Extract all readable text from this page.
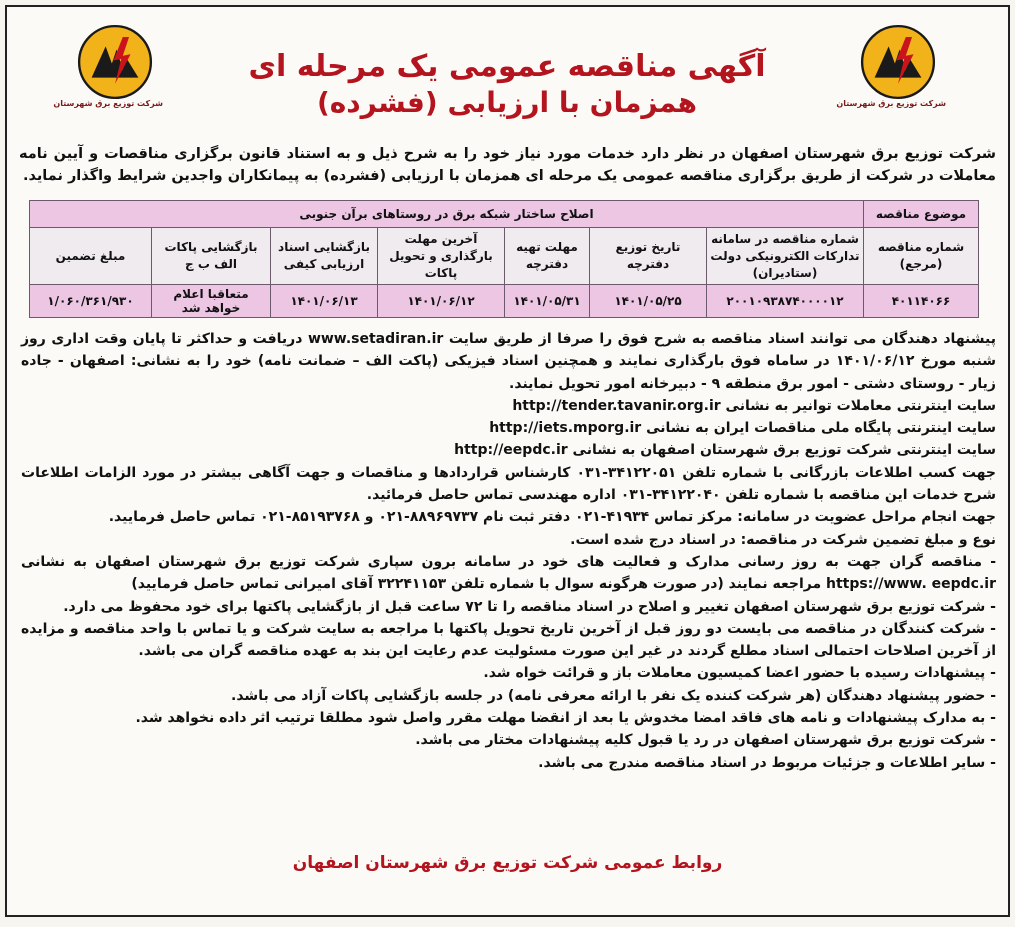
شرکت توزیع برق شهرستان	شرکت توزیع برق شهرستان
آگهی مناقصه عمومی یک مرحله ای
همزمان با ارزیابی (فشرده)
شرکت توزیع برق شهرستان اصفهان در نظر دارد خدمات مورد نیاز خود را به شرح ذیل و به استناد قانون برگزاری مناقصات و آیین نامه معاملات در شرکت از طریق برگزاری مناقصه عمومی یک مرحله ای همزمان با ارزیابی (فشرده) به پیمانکاران واجدین شرایط واگذار نماید.
موضوع مناقصه	اصلاح ساختار شبکه برق در روستاهای برآن جنوبی						
شماره مناقصه (مرجع)	شماره مناقصه در سامانه تدارکات الکترونیکی دولت (ستادیران)	تاریخ توزیع دفترچه	مهلت تهیه دفترچه	آخرین مهلت بارگذاری و تحویل پاکات	بازگشایی اسناد ارزیابی کیفی	بازگشایی پاکات الف ب ج	مبلغ تضمین
۴۰۱۱۴۰۶۶	۲۰۰۱۰۹۳۸۷۴۰۰۰۰۱۲	۱۴۰۱/۰۵/۲۵	۱۴۰۱/۰۵/۳۱	۱۴۰۱/۰۶/۱۲	۱۴۰۱/۰۶/۱۳	متعاقبا اعلام خواهد شد	۱/۰۶۰/۳۶۱/۹۳۰

پیشنهاد دهندگان می توانند اسناد مناقصه به شرح فوق را صرفا از طریق سایت www.setadiran.ir دریافت و حداکثر تا پایان وقت اداری روز شنبه مورخ ۱۴۰۱/۰۶/۱۲ در ساماه فوق بارگذاری نمایند و همچنین اسناد فیزیکی (پاکت الف – ضمانت نامه) خود را به نشانی: اصفهان - جاده زیار - روستای دشتی - امور برق منطقه ۹ - دبیرخانه امور تحویل نمایند.

سایت اینترنتی معاملات توانیر به نشانی http://tender.tavanir.org.ir

سایت اینترنتی پایگاه ملی مناقصات ایران به نشانی http://iets.mporg.ir

سایت اینترنتی شرکت توزیع برق شهرستان اصفهان به نشانی http://eepdc.ir

جهت کسب اطلاعات بازرگانی با شماره تلفن ۳۴۱۲۲۰۵۱-۰۳۱ کارشناس قراردادها و مناقصات و جهت آگاهی بیشتر در مورد الزامات اطلاعات شرح خدمات این مناقصه با شماره تلفن ۳۴۱۲۲۰۴۰-۰۳۱ اداره مهندسی تماس حاصل فرمائید.

جهت انجام مراحل عضویت در سامانه: مرکز تماس ۴۱۹۳۴-۰۲۱ دفتر ثبت نام ۸۸۹۶۹۷۳۷-۰۲۱ و ۸۵۱۹۳۷۶۸-۰۲۱ تماس حاصل فرمایید.

نوع و مبلغ تضمین شرکت در مناقصه: در اسناد درج شده است.

- مناقصه گران جهت به روز رسانی مدارک و فعالیت های خود در سامانه برون سپاری شرکت توزیع برق شهرستان اصفهان به نشانی https://www. eepdc.ir مراجعه نمایند (در صورت هرگونه سوال با شماره تلفن ۳۲۲۴۱۱۵۳ آقای امیرانی تماس حاصل فرمایید)

- شرکت توزیع برق شهرستان اصفهان تغییر و اصلاح در اسناد مناقصه را تا ۷۲ ساعت قبل از بازگشایی پاکتها برای خود محفوظ می دارد.

- شرکت کنندگان در مناقصه می بایست دو روز قبل از آخرین تاریخ تحویل پاکتها با مراجعه به سایت شرکت و یا تماس با واحد مناقصه و مزایده از آخرین اصلاحات احتمالی اسناد مطلع گردند در غیر این صورت مسئولیت عدم رعایت این بند به عهده مناقصه گران می باشد.

- پیشنهادات رسیده با حضور اعضا کمیسیون معاملات باز و قرائت خواه شد.

- حضور پیشنهاد دهندگان (هر شرکت کننده یک نفر با ارائه معرفی نامه) در جلسه بازگشایی پاکات آزاد می باشد.

- به مدارک پیشنهادات و نامه های فاقد امضا مخدوش یا بعد از انقضا مهلت مقرر واصل شود مطلقا ترتیب اثر داده نخواهد شد.

- شرکت توزیع برق شهرستان اصفهان در رد یا قبول کلیه پیشنهادات مختار می باشد.

- سایر اطلاعات و جزئیات مربوط در اسناد مناقصه مندرج می باشد.

روابط عمومی شرکت توزیع برق شهرستان اصفهان
